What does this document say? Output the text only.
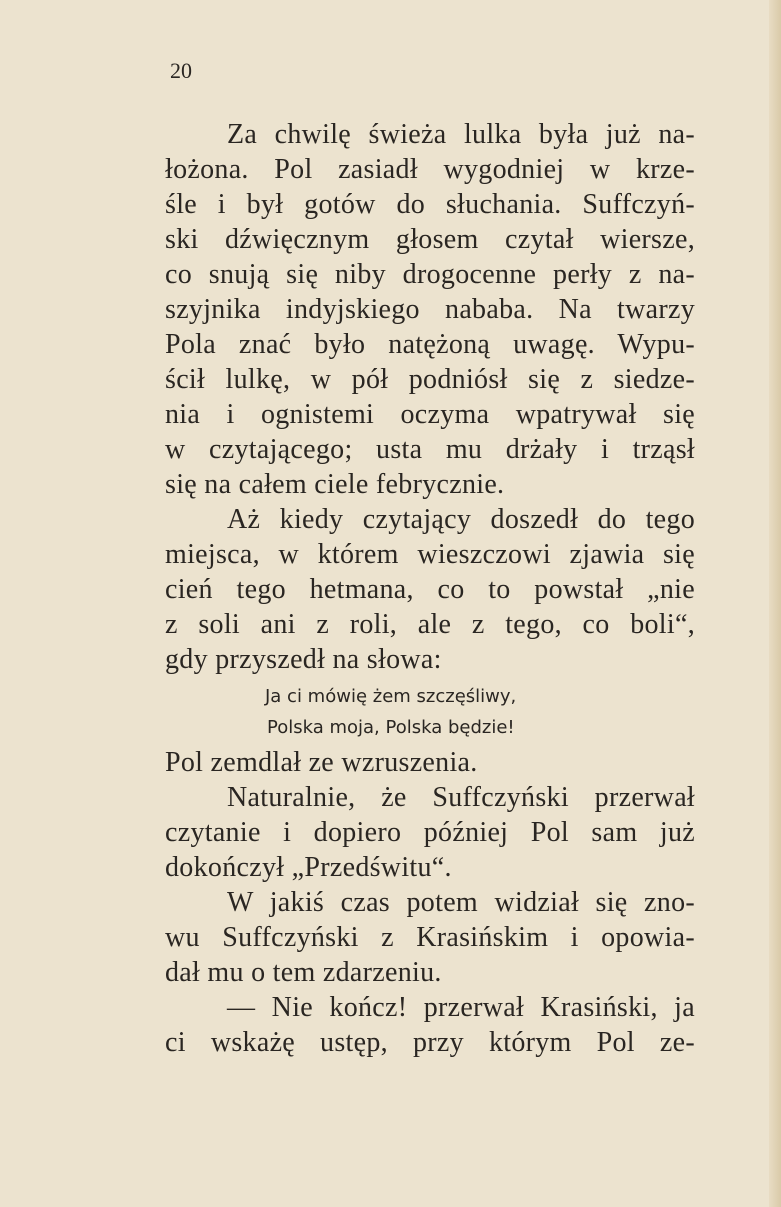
20
Za chwilę świeża lulka była już na-
łożona. Pol zasiadł wygodniej w krze-
śle i był gotów do słuchania. Suffczyń-
ski dźwięcznym głosem czytał wiersze,
co snują się niby drogocenne perły z na-
szyjnika indyjskiego nababa. Na twarzy
Pola znać było natężoną uwagę. Wypu-
ścił lulkę, w pół podniósł się z siedze-
nia i ognistemi oczyma wpatrywał się
w czytającego; usta mu drżały i trząsł
się na całem ciele febrycznie.
Aż kiedy czytający doszedł do tego
miejsca, w którem wieszczowi zjawia się
cień tego hetmana, co to powstał „nie
z soli ani z roli, ale z tego, co boli“,
gdy przyszedł na słowa:
Ja ci mówię żem szczęśliwy,
Polska moja, Polska będzie!
Pol zemdlał ze wzruszenia.
Naturalnie, że Suffczyński przerwał
czytanie i dopiero później Pol sam już
dokończył „Przedświtu“.
W jakiś czas potem widział się zno-
wu Suffczyński z Krasińskim i opowia-
dał mu o tem zdarzeniu.
— Nie kończ! przerwał Krasiński, ja
ci wskażę ustęp, przy którym Pol ze-
